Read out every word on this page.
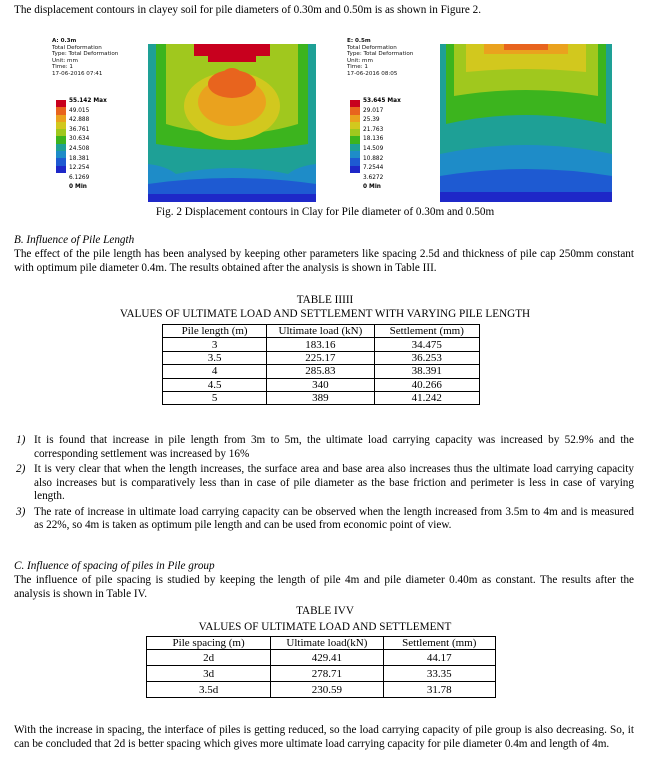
The displacement contours in clayey soil for pile diameters of 0.30m and 0.50m is as shown in Figure 2.
A: 0.3m
Total Deformation
Type: Total Deformation
Unit: mm
Time: 1
17-06-2016 07:41
55.142 Max
49.015
42.888
36.761
30.634
24.508
18.381
12.254
6.1269
0 Min
E: 0.5m
Total Deformation
Type: Total Deformation
Unit: mm
Time: 1
17-06-2016 08:05
53.645 Max
29.017
25.39
21.763
18.136
14.509
10.882
7.2544
3.6272
0 Min
Fig. 2 Displacement contours in Clay for Pile diameter of 0.30m and 0.50m
B. Influence of Pile Length
The effect of the pile length has been analysed by keeping other parameters like spacing 2.5d and thickness of pile cap 250mm constant with optimum pile diameter 0.4m. The results obtained after the analysis is shown in Table III.
TABLE IIIII
VALUES OF ULTIMATE LOAD AND SETTLEMENT WITH VARYING PILE LENGTH
Pile length (m)	Ultimate load (kN)	Settlement (mm)
3	183.16	34.475
3.5	225.17	36.253
4	285.83	38.391
4.5	340	40.266
5	389	41.242
1) It is found that increase in pile length from 3m to 5m, the ultimate load carrying capacity was increased by 52.9% and the corresponding settlement was increased by 16%
2) It is very clear that when the length increases, the surface area and base area also increases thus the ultimate load carrying capacity also increases but is comparatively less than in case of pile diameter as the base friction and perimeter is less in case of varying length.
3) The rate of increase in ultimate load carrying capacity can be observed when the length increased from 3.5m to 4m and is measured as 22%, so 4m is taken as optimum pile length and can be used from economic point of view.
C. Influence of spacing of piles in Pile group
The influence of pile spacing is studied by keeping the length of pile 4m and pile diameter 0.40m as constant. The results after the analysis is shown in Table IV.
TABLE IVV
VALUES OF ULTIMATE LOAD AND SETTLEMENT
Pile spacing (m)	Ultimate load(kN)	Settlement (mm)
2d	429.41	44.17
3d	278.71	33.35
3.5d	230.59	31.78
With the increase in spacing, the interface of piles is getting reduced, so the load carrying capacity of pile group is also decreasing. So, it can be concluded that 2d is better spacing which gives more ultimate load carrying capacity for pile diameter 0.4m and length of 4m.
